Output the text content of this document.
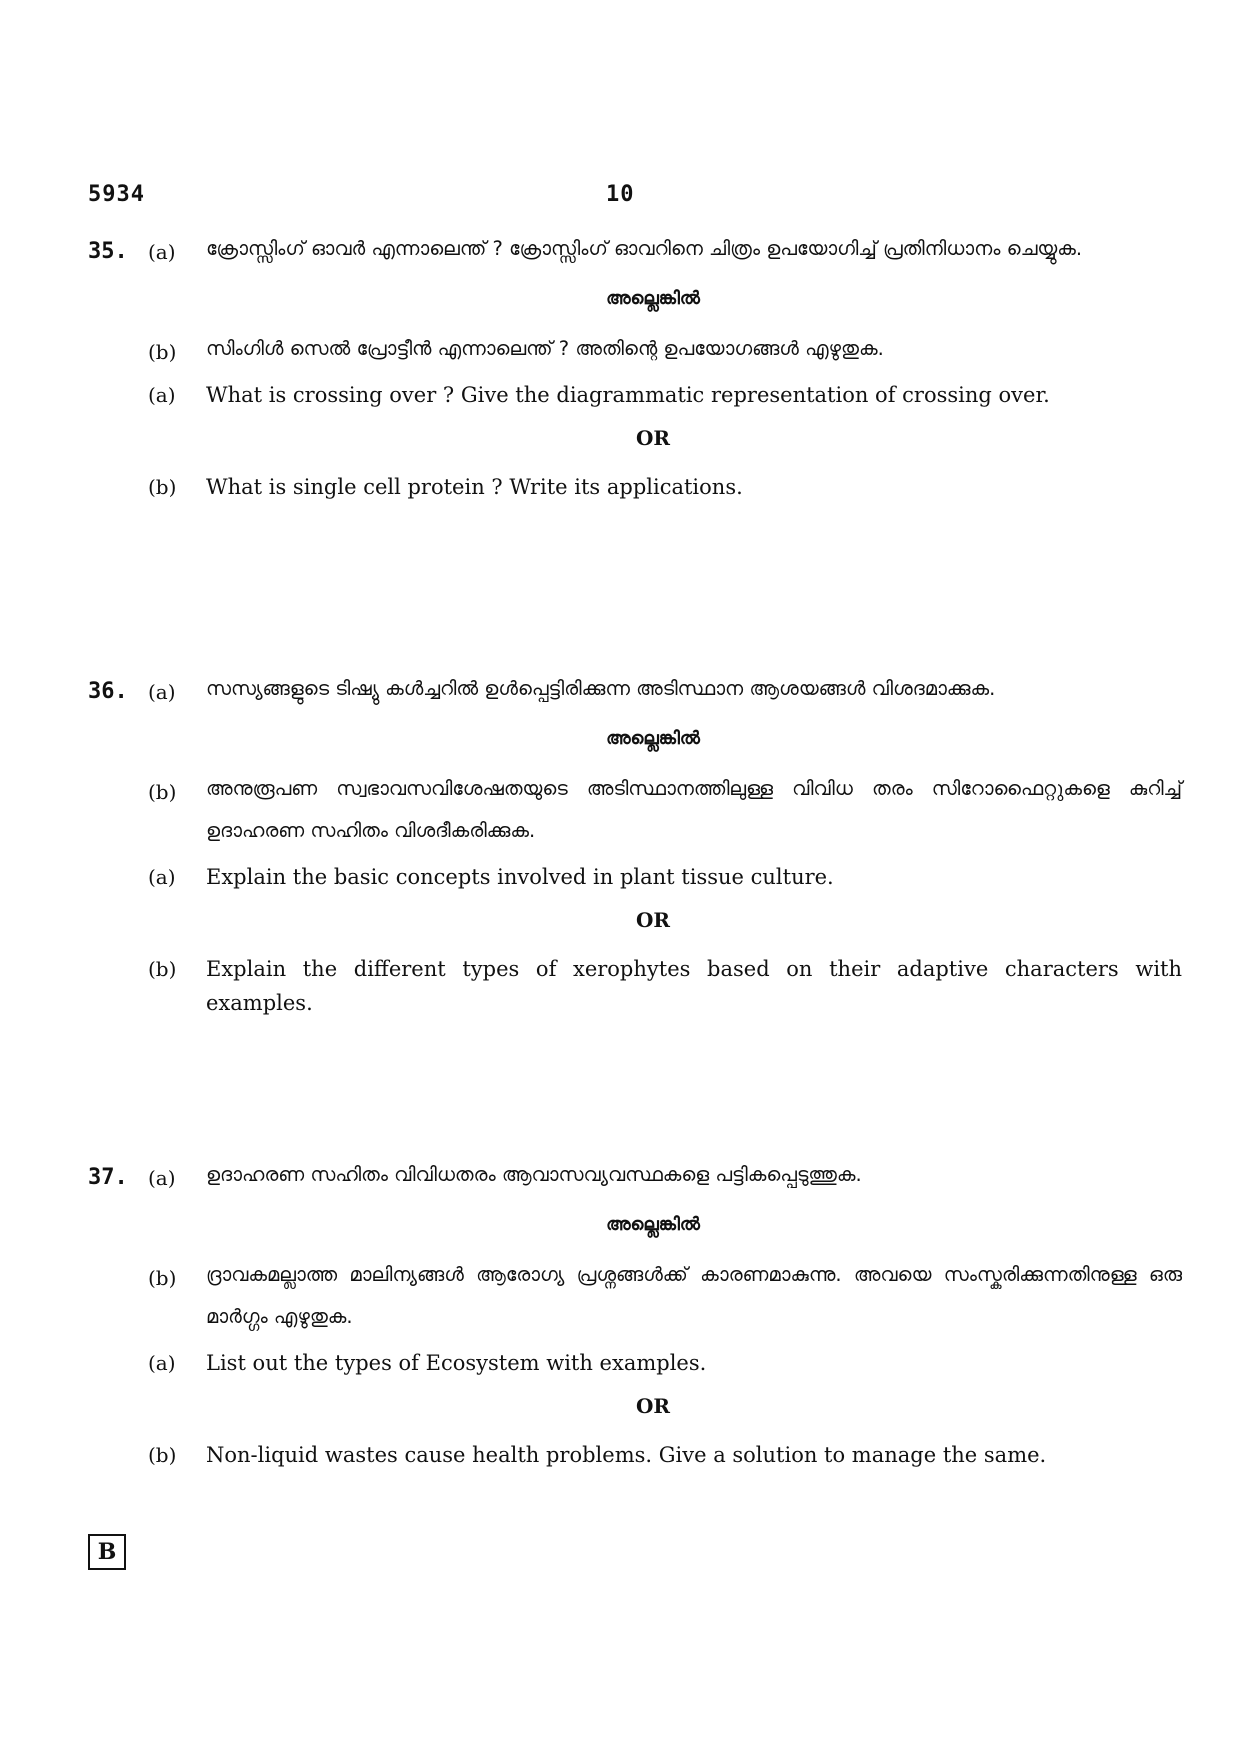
5934	10
35. (a) ക്രോസ്സിംഗ് ഓവർ എന്നാലെന്ത് ? ക്രോസ്സിംഗ് ഓവറിനെ ചിത്രം ഉപയോഗിച്ച് പ്രതിനിധാനം ചെയ്യുക.
അല്ലെങ്കിൽ
(b) സിംഗിൾ സെൽ പ്രോട്ടീൻ എന്നാലെന്ത് ? അതിന്റെ ഉപയോഗങ്ങൾ എഴുതുക.
(a) What is crossing over ? Give the diagrammatic representation of crossing over.
OR
(b) What is single cell protein ? Write its applications.
36. (a) സസ്യങ്ങളുടെ ടിഷ്യു കൾച്ചറിൽ ഉൾപ്പെട്ടിരിക്കുന്ന അടിസ്ഥാന ആശയങ്ങൾ വിശദമാക്കുക.
അല്ലെങ്കിൽ
(b) അനുരൂപണ സ്വഭാവസവിശേഷതയുടെ അടിസ്ഥാനത്തിലുള്ള വിവിധ തരം സിറോഫൈറ്റുകളെ കുറിച്ച് ഉദാഹരണ സഹിതം വിശദീകരിക്കുക.
(a) Explain the basic concepts involved in plant tissue culture.
OR
(b) Explain the different types of xerophytes based on their adaptive characters with examples.
37. (a) ഉദാഹരണ സഹിതം വിവിധതരം ആവാസവ്യവസ്ഥകളെ പട്ടികപ്പെടുത്തുക.
അല്ലെങ്കിൽ
(b) ദ്രാവകമല്ലാത്ത മാലിന്യങ്ങൾ ആരോഗ്യ പ്രശ്നങ്ങൾക്ക് കാരണമാകുന്നു. അവയെ സംസ്കരിക്കുന്നതിനുള്ള ഒരു മാർഗ്ഗം എഴുതുക.
(a) List out the types of Ecosystem with examples.
OR
(b) Non-liquid wastes cause health problems. Give a solution to manage the same.
B
